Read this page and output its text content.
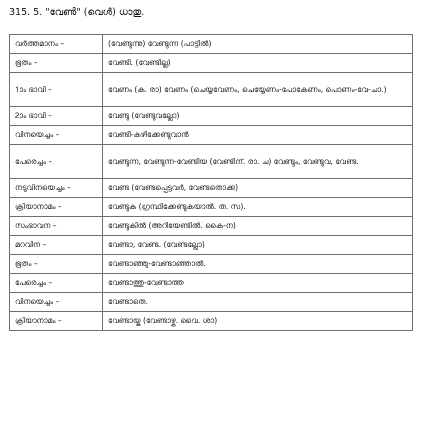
315. 5. "വേൺ" (വെൾ) ധാതു.
വർത്തമാനം –	(വേണ്ടുന്നു) വേണ്ടുന്ന (പാട്ടിൽ)
ഭൂതം –	വേണ്ടി. (വേണ്ടില്ല)
1ാം ഭാവി –	വേണം (ക. രാ) വേണം (ചെയ്യവേണം, ചെയ്യേണം-പോകേണം, പൊണം-വേ-ചാ.)
2ാം ഭാവി –	വേണ്ടു (വേണ്ടുവല്ലോ)
വിനയെച്ചം –	വേണ്ടി-കഴിക്കേണ്ടുവാൻ
പേരെച്ചം –	വേണ്ടുന്ന, വേണ്ടുന്ന-വേണ്ടിയ (വേണ്ടിന്. രാ. ച) വേണ്ടും, വേണ്ടുവ, വേണ്ട.
നടുവിനയെച്ചം –	വേണ്ട (വേണ്ടപ്പെട്ടവർ, വേണ്ടതൊക്ക)
ക്രിയാനാമം –	വേണ്ടുക (ഗ്രന്ഥിക്കേണ്ടുകയാൽ. ത. സ).
സംഭാവന –	വേണ്ടുകിൽ (അറിയേണ്ടിൽ. കൈ-ന)
മറവിന –	വേണ്ടാ, വേണ്ട. (വേണ്ടല്ലോ)
ഭൂതം –	വേണ്ടാഞ്ഞു-വേണ്ടാഞ്ഞാൽ.
പേരെച്ചം –	വേണ്ടാത്തു-വേണ്ടാത്ത
വിനയെച്ചം –	വേണ്ടാതെ.
ക്രിയാനാമം –	വേണ്ടായ്ക (വേണ്ടാഴ്ക. വൈ. ശാ)
